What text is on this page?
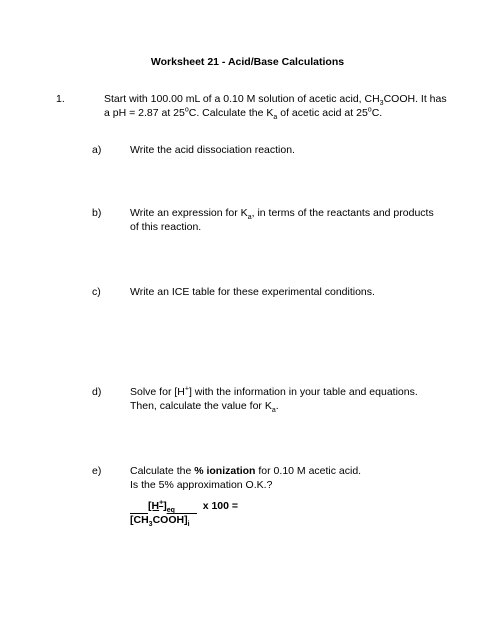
Worksheet 21 - Acid/Base Calculations
1.	Start with 100.00 mL of a 0.10 M solution of acetic acid, $CH_3COOH$. It has
a pH = 2.87 at 25$^o$C. Calculate the $K_a$ of acetic acid at 25$^o$C.
a)	Write the acid dissociation reaction.
b)	Write an expression for $K_a$, in terms of the reactants and products
of this reaction.
c)	Write an ICE table for these experimental conditions.
d)	Solve for [H+] with the information in your table and equations.
Then, calculate the value for $K_a$.
e)	Calculate the % ionization for 0.10 M acetic acid.
Is the 5% approximation O.K.?
$[H^+]_{eq}$	x 100 =
$[CH_3COOH]_i$
